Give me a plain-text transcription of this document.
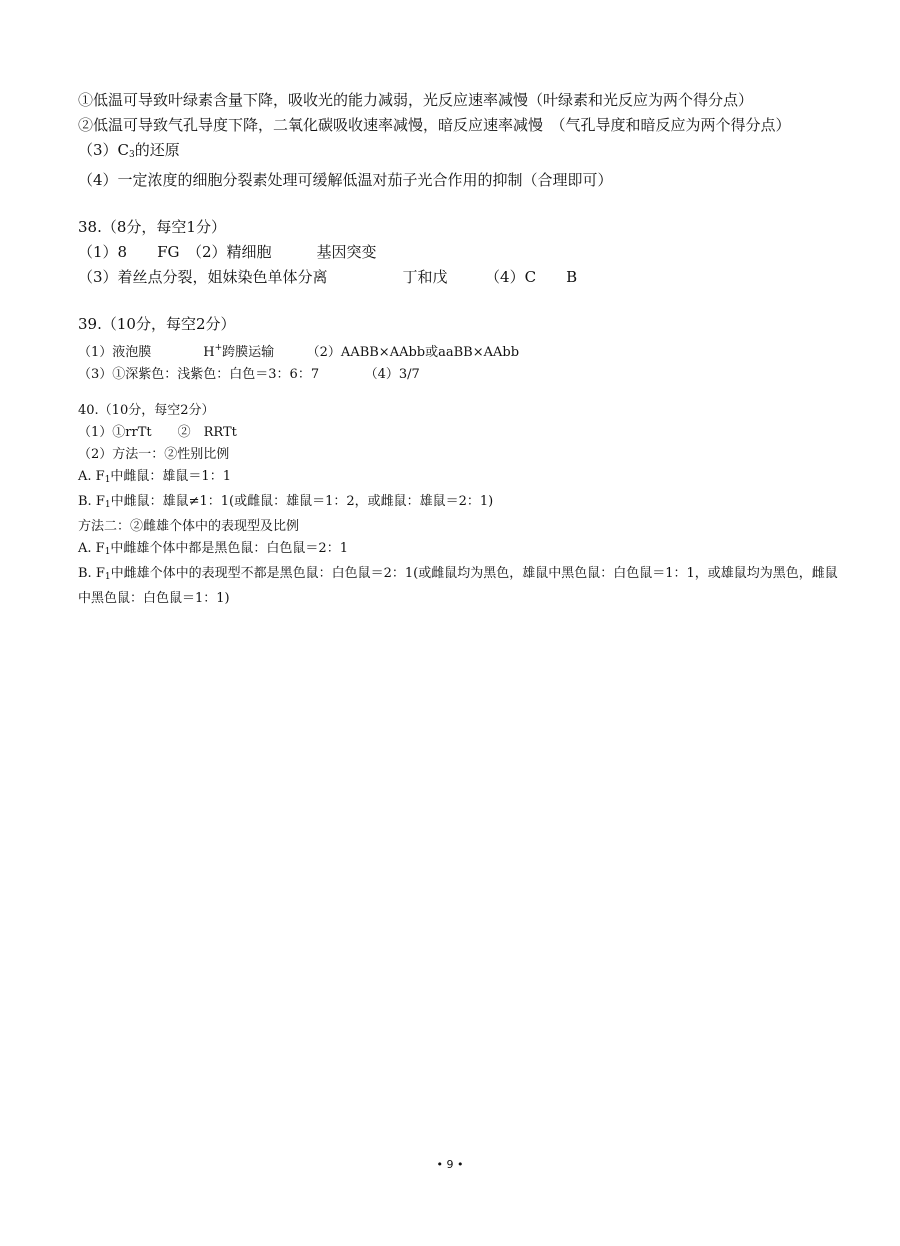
①低温可导致叶绿素含量下降，吸收光的能力减弱，光反应速率减慢（叶绿素和光反应为两个得分点）
②低温可导致气孔导度下降，二氧化碳吸收速率减慢，暗反应速率减慢　（气孔导度和暗反应为两个得分点）
$(3)C_3$的还原
（4）一定浓度的细胞分裂素处理可缓解低温对茄子光合作用的抑制（合理即可）
38.（8分，每空1分）
（1）8　　FG　（2）精细胞　　　基因突变
（3）着丝点分裂，姐妹染色单体分离　　　　　丁和戊　　　（4）C　　B
39.（10分，每空2分）
（1）液泡膜　　　　H+跨膜运输　　　（2）AABB×AAbb或aaBB×AAbb
（3）①深紫色：浅紫色：白色＝3：6：7　　　　（4）3/7
40.（10分，每空2分）
（1）①rrTt　　②　RRTt
（2）方法一：②性别比例
A. $F_1$中雌鼠：雄鼠＝1：1
B. $F_1$中雌鼠：雄鼠≠1：1(或雌鼠：雄鼠＝1：2，或雌鼠：雄鼠＝2：1)
方法二：②雌雄个体中的表现型及比例
A. $F_1$中雌雄个体中都是黑色鼠：白色鼠＝2：1
B. $F_1$中雌雄个体中的表现型不都是黑色鼠：白色鼠＝2：1(或雌鼠均为黑色，雄鼠中黑色鼠：白色鼠＝1：1，或雄鼠均为黑色，雌鼠中黑色鼠：白色鼠＝1：1)
• 9 •
